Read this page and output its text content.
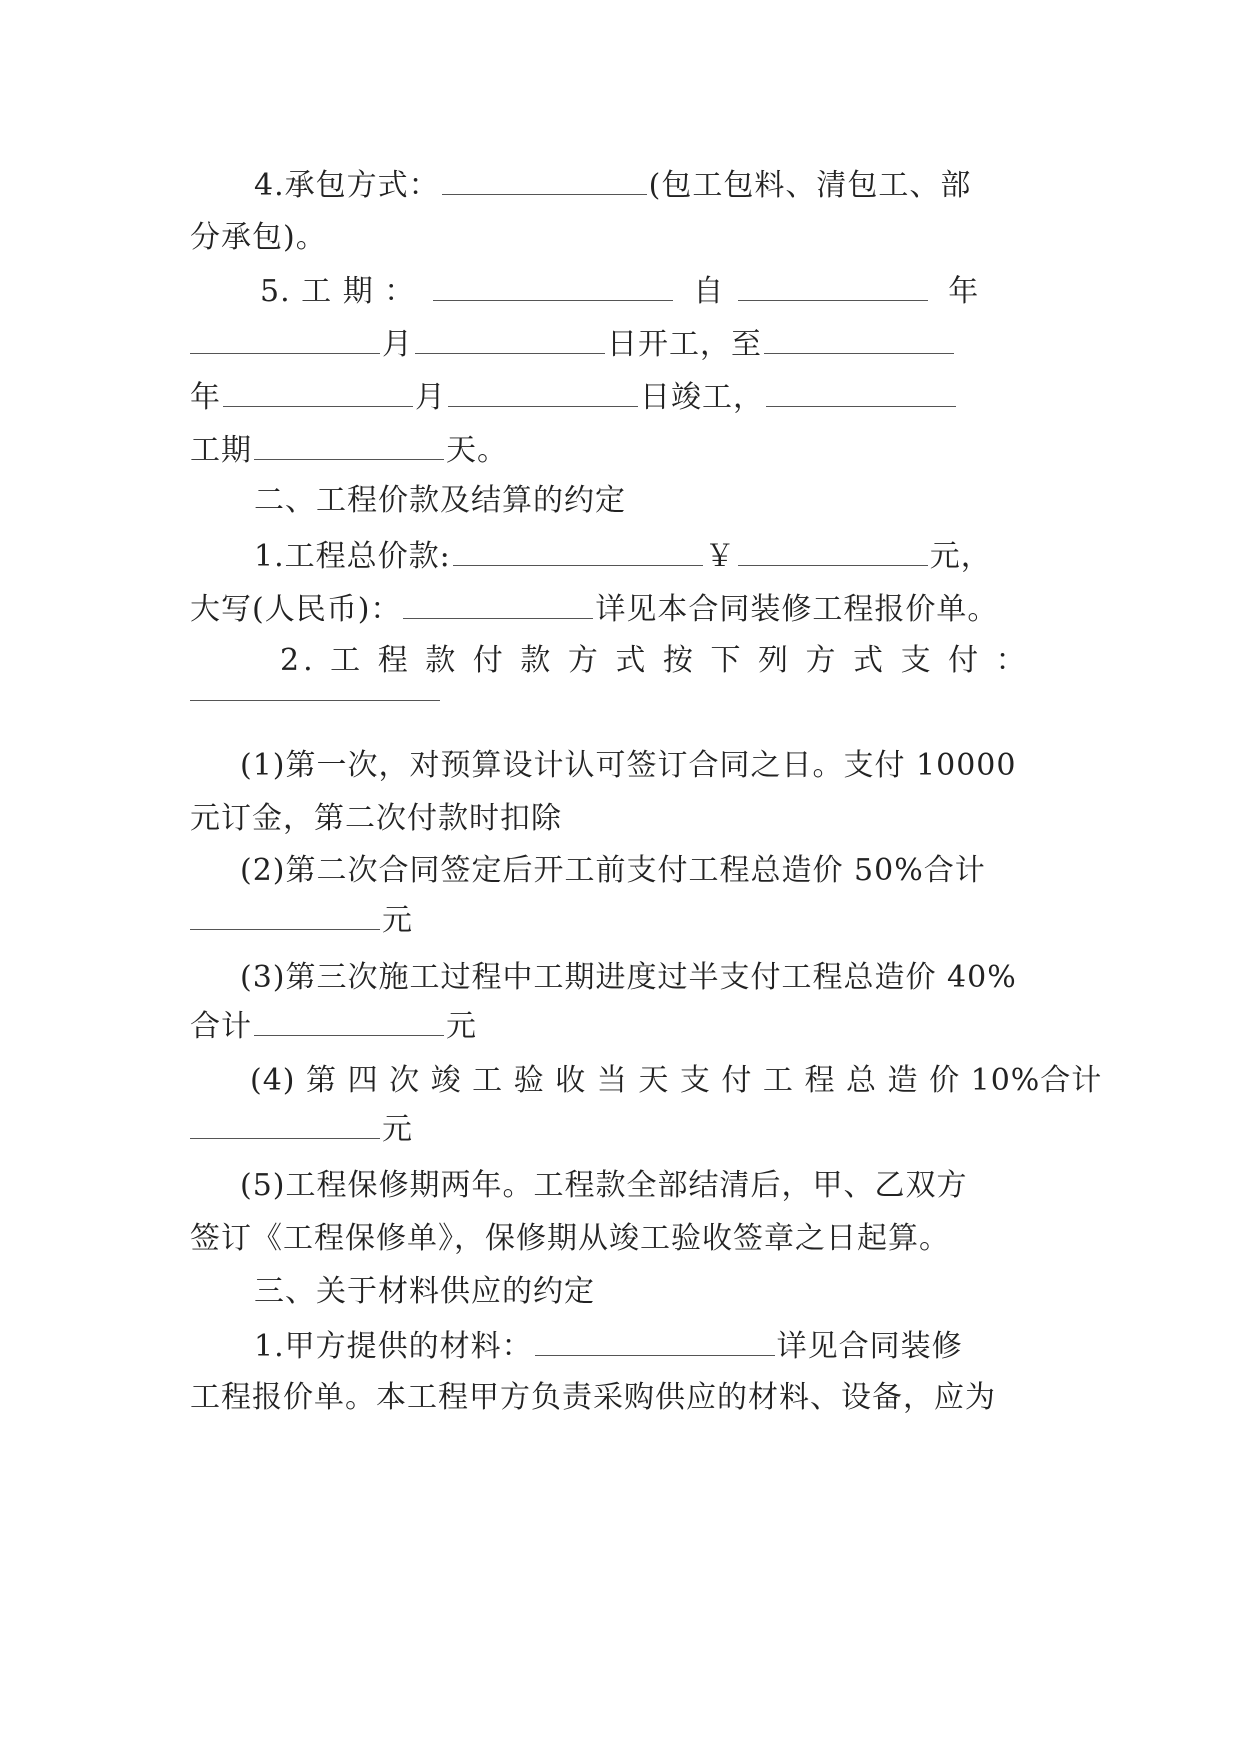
4.承包方式：	(包工包料、清包工、部
分承包)。
5. 工 期 ：	自	年
月	日开工，至
年	月	日竣工，
工期	天。
二、工程价款及结算的约定
1.工程总价款:	￥	元，
大写(人民币)：	详见本合同装修工程报价单。
2. 工 程 款 付 款 方 式 按 下 列 方 式 支 付 ：
(1)第一次，对预算设计认可签订合同之日。支付 10000
元订金，第二次付款时扣除
(2)第二次合同签定后开工前支付工程总造价 50%合计
元
(3)第三次施工过程中工期进度过半支付工程总造价 40%
合计	元
(4) 第 四 次 竣 工 验 收 当 天 支 付 工 程 总 造 价 10%合计
元
(5)工程保修期两年。工程款全部结清后，甲、乙双方
签订《工程保修单》，保修期从竣工验收签章之日起算。
三、关于材料供应的约定
1.甲方提供的材料：	详见合同装修
工程报价单。本工程甲方负责采购供应的材料、设备，应为
